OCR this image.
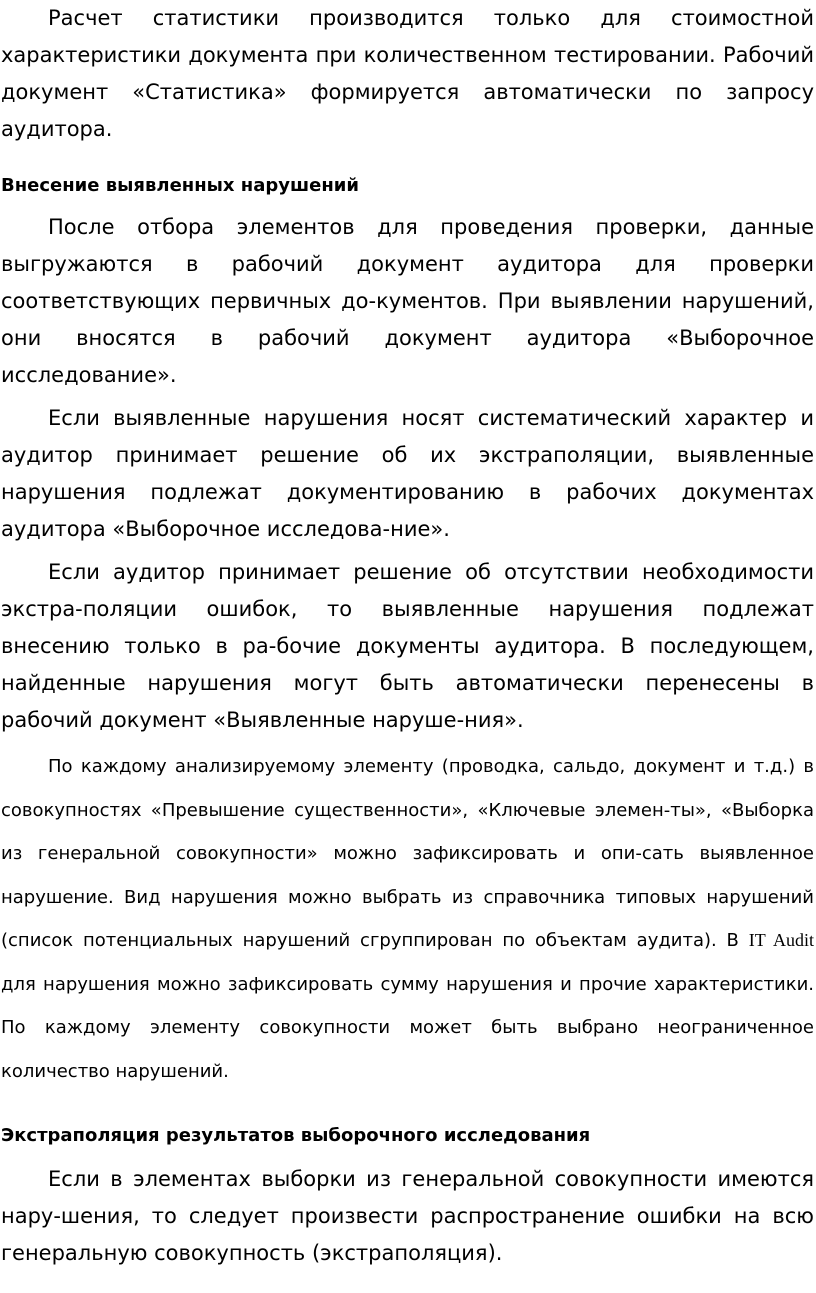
Расчет статистики производится только для стоимостной характеристики документа при количественном тестировании. Рабочий документ «Статистика» формируется автоматически по запросу аудитора.

Внесение выявленных нарушений

После отбора элементов для проведения проверки, данные выгружаются в рабочий документ аудитора для проверки соответствующих первичных до-кументов. При выявлении нарушений, они вносятся в рабочий документ аудитора «Выборочное исследование».

Если выявленные нарушения носят систематический характер и аудитор принимает решение об их экстраполяции, выявленные нарушения подлежат документированию в рабочих документах аудитора «Выборочное исследова-ние».

Если аудитор принимает решение об отсутствии необходимости экстра-поляции ошибок, то выявленные нарушения подлежат внесению только в ра-бочие документы аудитора. В последующем, найденные нарушения могут быть автоматически перенесены в рабочий документ «Выявленные наруше-ния».

По каждому анализируемому элементу (проводка, сальдо, документ и т.д.) в совокупностях «Превышение существенности», «Ключевые элемен-ты», «Выборка из генеральной совокупности» можно зафиксировать и опи-сать выявленное нарушение. Вид нарушения можно выбрать из справочника типовых нарушений (список потенциальных нарушений сгруппирован по объектам аудита). В IT Audit для нарушения можно зафиксировать сумму нарушения и прочие характеристики. По каждому элементу совокупности может быть выбрано неограниченное количество нарушений.

Экстраполяция результатов выборочного исследования

Если в элементах выборки из генеральной совокупности имеются нару-шения, то следует произвести распространение ошибки на всю генеральную совокупность (экстраполяция).
